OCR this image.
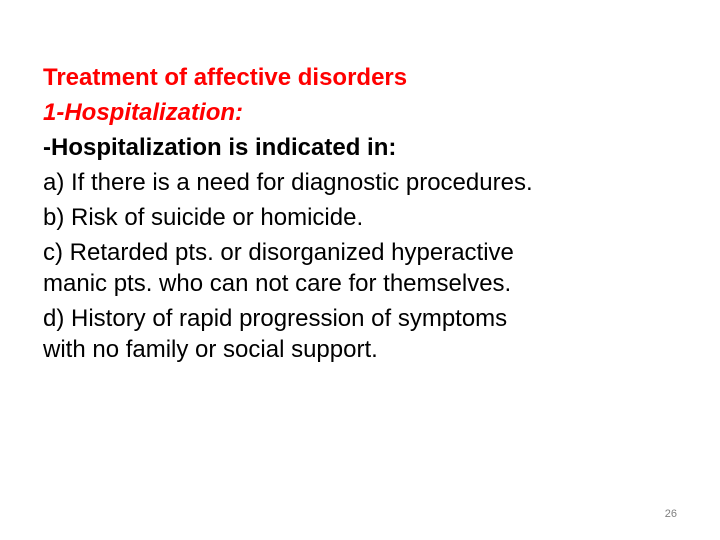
Treatment of affective disorders
1-Hospitalization:
-Hospitalization is indicated in:
a) If there is a need for diagnostic procedures.
b) Risk of suicide or homicide.
c) Retarded pts. or disorganized hyperactive
manic pts. who can not care for themselves.
d) History of rapid progression of symptoms
with no family or social support.
26
